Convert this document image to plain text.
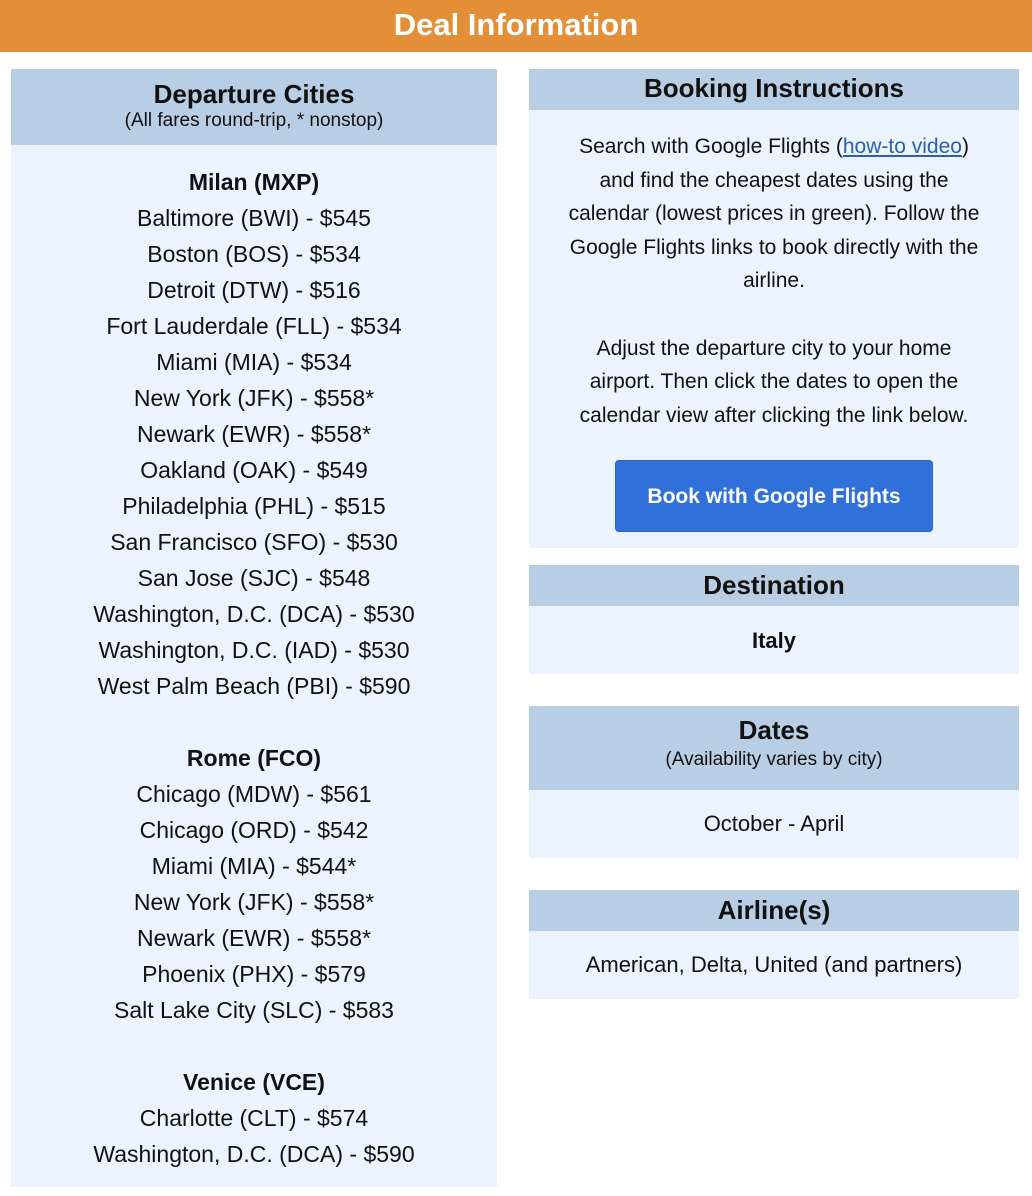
Deal Information
Departure Cities
(All fares round-trip, * nonstop)
Milan (MXP)
Baltimore (BWI) - $545
Boston (BOS) - $534
Detroit (DTW) - $516
Fort Lauderdale (FLL) - $534
Miami (MIA) - $534
New York (JFK) - $558*
Newark (EWR) - $558*
Oakland (OAK) - $549
Philadelphia (PHL) - $515
San Francisco (SFO) - $530
San Jose (SJC) - $548
Washington, D.C. (DCA) - $530
Washington, D.C. (IAD) - $530
West Palm Beach (PBI) - $590
Rome (FCO)
Chicago (MDW) - $561
Chicago (ORD) - $542
Miami (MIA) - $544*
New York (JFK) - $558*
Newark (EWR) - $558*
Phoenix (PHX) - $579
Salt Lake City (SLC) - $583
Venice (VCE)
Charlotte (CLT) - $574
Washington, D.C. (DCA) - $590
Booking Instructions

Search with Google Flights (how-to video) and find the cheapest dates using the calendar (lowest prices in green). Follow the Google Flights links to book directly with the airline.

Adjust the departure city to your home airport. Then click the dates to open the calendar view after clicking the link below.

Book with Google Flights
Destination
Italy
Dates
(Availability varies by city)
October - April
Airline(s)
American, Delta, United (and partners)
